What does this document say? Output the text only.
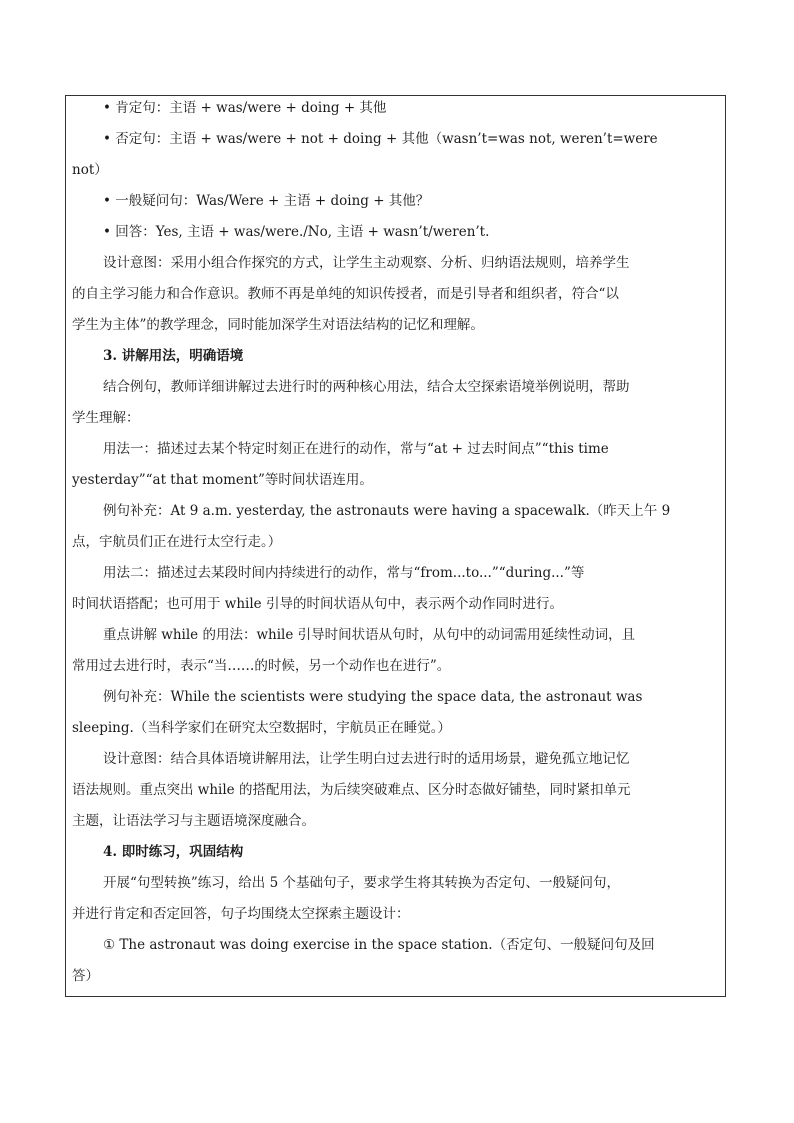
• 肯定句：主语 + was/were + doing + 其他
• 否定句：主语 + was/were + not + doing + 其他（wasn’t=was not, weren’t=were
not）
• 一般疑问句：Was/Were + 主语 + doing + 其他？
• 回答：Yes, 主语 + was/were./No, 主语 + wasn’t/weren’t.
设计意图：采用小组合作探究的方式，让学生主动观察、分析、归纳语法规则，培养学生
的自主学习能力和合作意识。教师不再是单纯的知识传授者，而是引导者和组织者，符合“以
学生为主体”的教学理念，同时能加深学生对语法结构的记忆和理解。
3. 讲解用法，明确语境
结合例句，教师详细讲解过去进行时的两种核心用法，结合太空探索语境举例说明，帮助
学生理解：
用法一：描述过去某个特定时刻正在进行的动作，常与“at + 过去时间点”“this time
yesterday”“at that moment”等时间状语连用。
例句补充：At 9 a.m. yesterday, the astronauts were having a spacewalk.（昨天上午 9
点，宇航员们正在进行太空行走。）
用法二：描述过去某段时间内持续进行的动作，常与“from...to...”“during...”等
时间状语搭配；也可用于 while 引导的时间状语从句中，表示两个动作同时进行。
重点讲解 while 的用法：while 引导时间状语从句时，从句中的动词需用延续性动词，且
常用过去进行时，表示“当……的时候，另一个动作也在进行”。
例句补充：While the scientists were studying the space data, the astronaut was
sleeping.（当科学家们在研究太空数据时，宇航员正在睡觉。）
设计意图：结合具体语境讲解用法，让学生明白过去进行时的适用场景，避免孤立地记忆
语法规则。重点突出 while 的搭配用法，为后续突破难点、区分时态做好铺垫，同时紧扣单元
主题，让语法学习与主题语境深度融合。
4. 即时练习，巩固结构
开展“句型转换”练习，给出 5 个基础句子，要求学生将其转换为否定句、一般疑问句，
并进行肯定和否定回答，句子均围绕太空探索主题设计：
① The astronaut was doing exercise in the space station.（否定句、一般疑问句及回
答）
